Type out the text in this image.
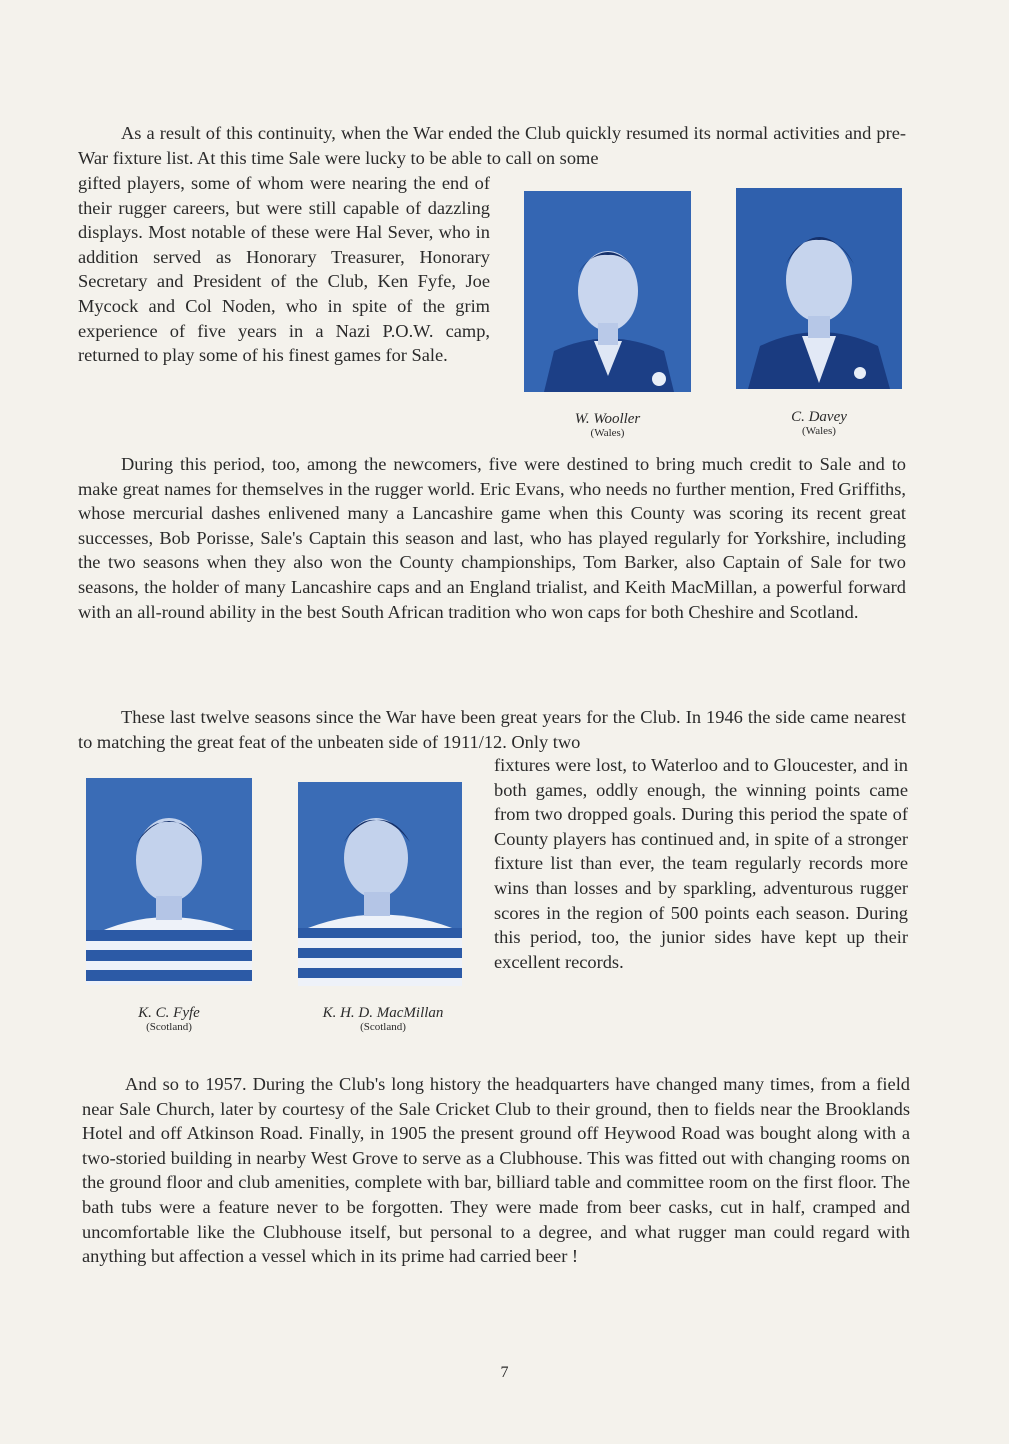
As a result of this continuity, when the War ended the Club quickly resumed its normal activities and pre-War fixture list. At this time Sale were lucky to be able to call on some

gifted players, some of whom were nearing the end of their rugger careers, but were still capable of dazzling displays. Most notable of these were Hal Sever, who in addition served as Honorary Treasurer, Honorary Secretary and President of the Club, Ken Fyfe, Joe Mycock and Col Noden, who in spite of the grim experience of five years in a Nazi P.O.W. camp, returned to play some of his finest games for Sale.

W. Wooller
(Wales)
C. Davey
(Wales)

During this period, too, among the newcomers, five were destined to bring much credit to Sale and to make great names for themselves in the rugger world. Eric Evans, who needs no further mention, Fred Griffiths, whose mercurial dashes enlivened many a Lancashire game when this County was scoring its recent great successes, Bob Porisse, Sale's Captain this season and last, who has played regularly for Yorkshire, including the two seasons when they also won the County championships, Tom Barker, also Captain of Sale for two seasons, the holder of many Lancashire caps and an England trialist, and Keith MacMillan, a powerful forward with an all-round ability in the best South African tradition who won caps for both Cheshire and Scotland.

These last twelve seasons since the War have been great years for the Club. In 1946 the side came nearest to matching the great feat of the unbeaten side of 1911/12. Only two

fixtures were lost, to Waterloo and to Gloucester, and in both games, oddly enough, the winning points came from two dropped goals. During this period the spate of County players has continued and, in spite of a stronger fixture list than ever, the team regularly records more wins than losses and by sparkling, adventurous rugger scores in the region of 500 points each season. During this period, too, the junior sides have kept up their excellent records.

K. C. Fyfe
(Scotland)
K. H. D. MacMillan
(Scotland)

And so to 1957. During the Club's long history the headquarters have changed many times, from a field near Sale Church, later by courtesy of the Sale Cricket Club to their ground, then to fields near the Brooklands Hotel and off Atkinson Road. Finally, in 1905 the present ground off Heywood Road was bought along with a two-storied building in nearby West Grove to serve as a Clubhouse. This was fitted out with changing rooms on the ground floor and club amenities, complete with bar, billiard table and committee room on the first floor. The bath tubs were a feature never to be forgotten. They were made from beer casks, cut in half, cramped and uncomfortable like the Clubhouse itself, but personal to a degree, and what rugger man could regard with anything but affection a vessel which in its prime had carried beer !

7
